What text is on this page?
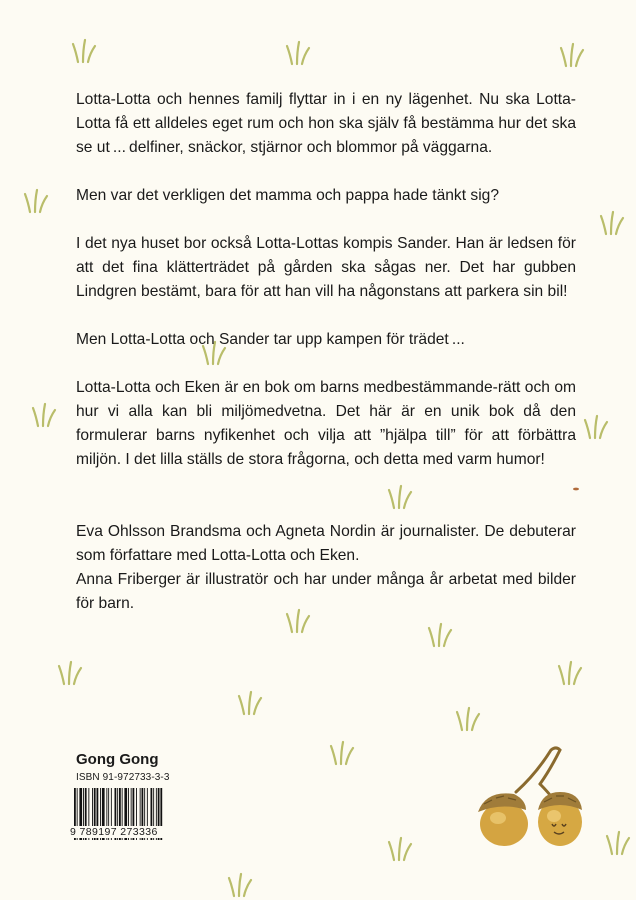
Lotta-Lotta och hennes familj flyttar in i en ny lägenhet. Nu ska Lotta-Lotta få ett alldeles eget rum och hon ska själv få bestämma hur det ska se ut ... delfiner, snäckor, stjärnor och blommor på väggarna.

Men var det verkligen det mamma och pappa hade tänkt sig?

I det nya huset bor också Lotta-Lottas kompis Sander. Han är ledsen för att det fina klätterträdet på gården ska sågas ner. Det har gubben Lindgren bestämt, bara för att han vill ha någonstans att parkera sin bil!

Men Lotta-Lotta och Sander tar upp kampen för trädet ...

Lotta-Lotta och Eken är en bok om barns medbestämmande-rätt och om hur vi alla kan bli miljömedvetna. Det här är en unik bok då den formulerar barns nyfikenhet och vilja att ”hjälpa till” för att förbättra miljön. I det lilla ställs de stora frågorna, och detta med varm humor!

Eva Ohlsson Brandsma och Agneta Nordin är journalister. De debuterar som författare med Lotta-Lotta och Eken.

Anna Friberger är illustratör och har under många år arbetat med bilder för barn.

Gong Gong
ISBN 91-972733-3-3
9 789197 273336
